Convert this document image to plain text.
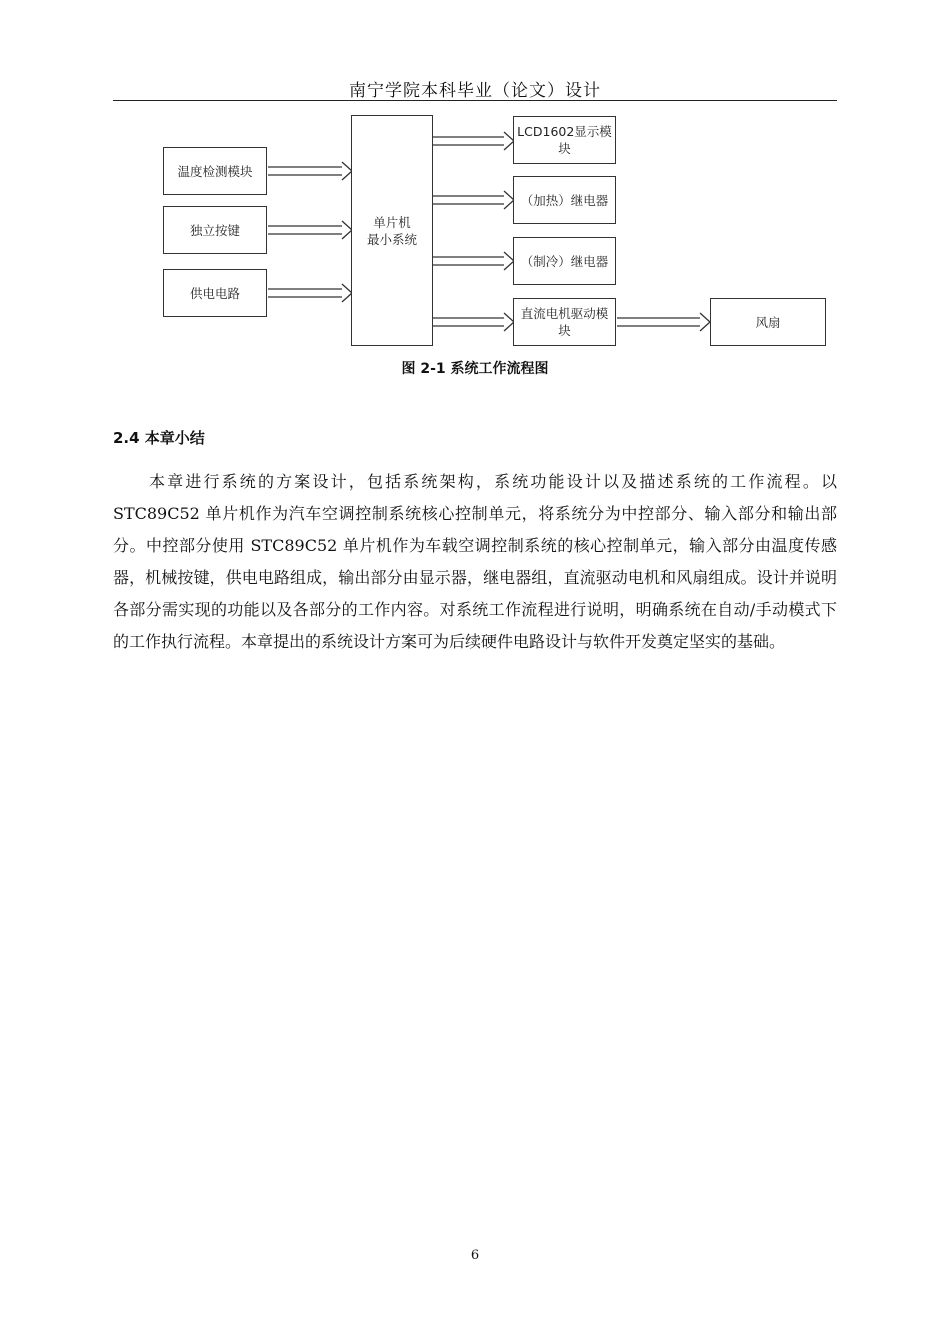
南宁学院本科毕业（论文）设计
单片机
最小系统
温度检测模块
独立按键
供电电路
LCD1602显示模
块
（加热）继电器
（制冷）继电器
直流电机驱动模
块
风扇
图 2-1 系统工作流程图
2.4 本章小结
本章进行系统的方案设计，包括系统架构，系统功能设计以及描述系统的工作流程。以 STC89C52 单片机作为汽车空调控制系统核心控制单元，将系统分为中控部分、输入部分和输出部分。中控部分使用 STC89C52 单片机作为车载空调控制系统的核心控制单元，输入部分由温度传感器，机械按键，供电电路组成，输出部分由显示器，继电器组，直流驱动电机和风扇组成。设计并说明各部分需实现的功能以及各部分的工作内容。对系统工作流程进行说明，明确系统在自动/手动模式下的工作执行流程。本章提出的系统设计方案可为后续硬件电路设计与软件开发奠定坚实的基础。
6
